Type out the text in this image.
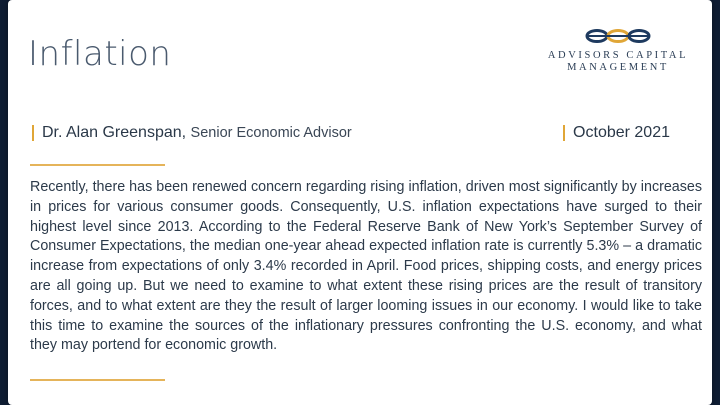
Inflation	ADVISORS CAPITAL
MANAGEMENT
Dr. Alan Greenspan, Senior Economic Advisor	October 2021

Recently, there has been renewed concern regarding rising inflation, driven most significantly by increases in prices for various consumer goods. Consequently, U.S. inflation expectations have surged to their highest level since 2013. According to the Federal Reserve Bank of New York’s September Survey of Consumer Expectations, the median one-year ahead expected inflation rate is currently 5.3% – a dramatic increase from expectations of only 3.4% recorded in April. Food prices, shipping costs, and energy prices are all going up. But we need to examine to what extent these rising prices are the result of transitory forces, and to what extent are they the result of larger looming issues in our economy. I would like to take this time to examine the sources of the inflationary pressures confronting the U.S. economy, and what they may portend for economic growth.
